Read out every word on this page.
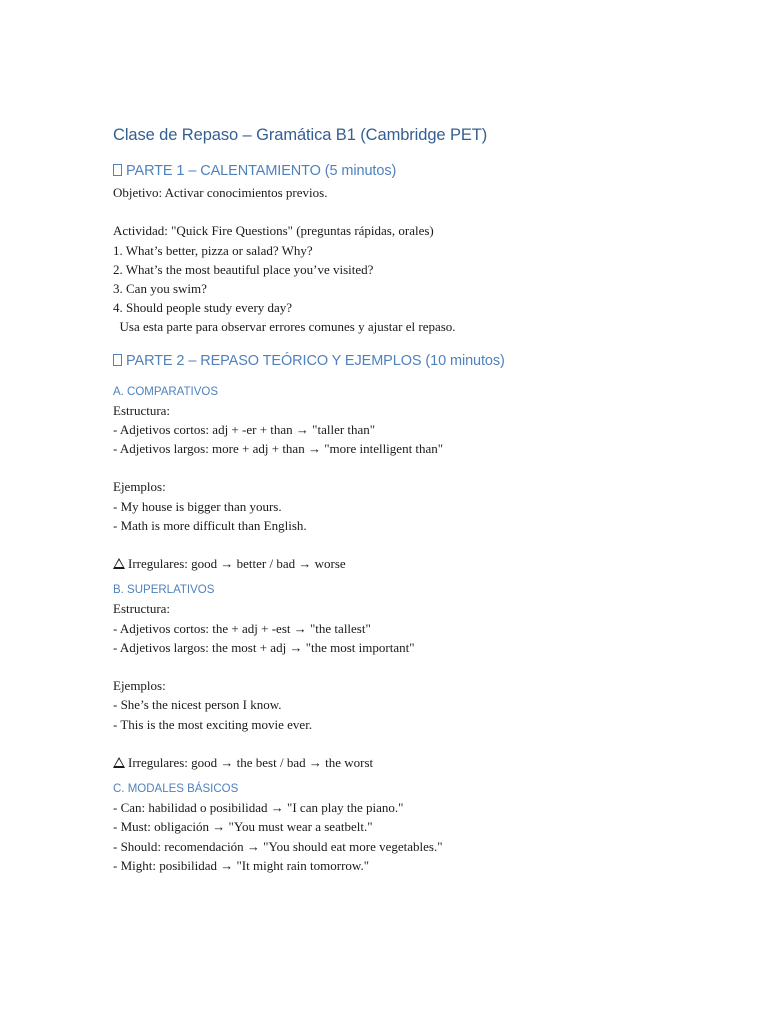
Clase de Repaso – Gramática B1 (Cambridge PET)
PARTE 1 – CALENTAMIENTO (5 minutos)

Objetivo: Activar conocimientos previos.

Actividad: "Quick Fire Questions" (preguntas rápidas, orales)

1. What’s better, pizza or salad? Why?

2. What’s the most beautiful place you’ve visited?

3. Can you swim?

4. Should people study every day?

Usa esta parte para observar errores comunes y ajustar el repaso.

PARTE 2 – REPASO TEÓRICO Y EJEMPLOS (10 minutos)
A. COMPARATIVOS

Estructura:

- Adjetivos cortos: adj + -er + than → "taller than"

- Adjetivos largos: more + adj + than → "more intelligent than"

Ejemplos:

- My house is bigger than yours.

- Math is more difficult than English.

Irregulares: good → better / bad → worse

B. SUPERLATIVOS

Estructura:

- Adjetivos cortos: the + adj + -est → "the tallest"

- Adjetivos largos: the most + adj → "the most important"

Ejemplos:

- She’s the nicest person I know.

- This is the most exciting movie ever.

Irregulares: good → the best / bad → the worst

C. MODALES BÁSICOS

- Can: habilidad o posibilidad → "I can play the piano."

- Must: obligación → "You must wear a seatbelt."

- Should: recomendación → "You should eat more vegetables."

- Might: posibilidad → "It might rain tomorrow."
